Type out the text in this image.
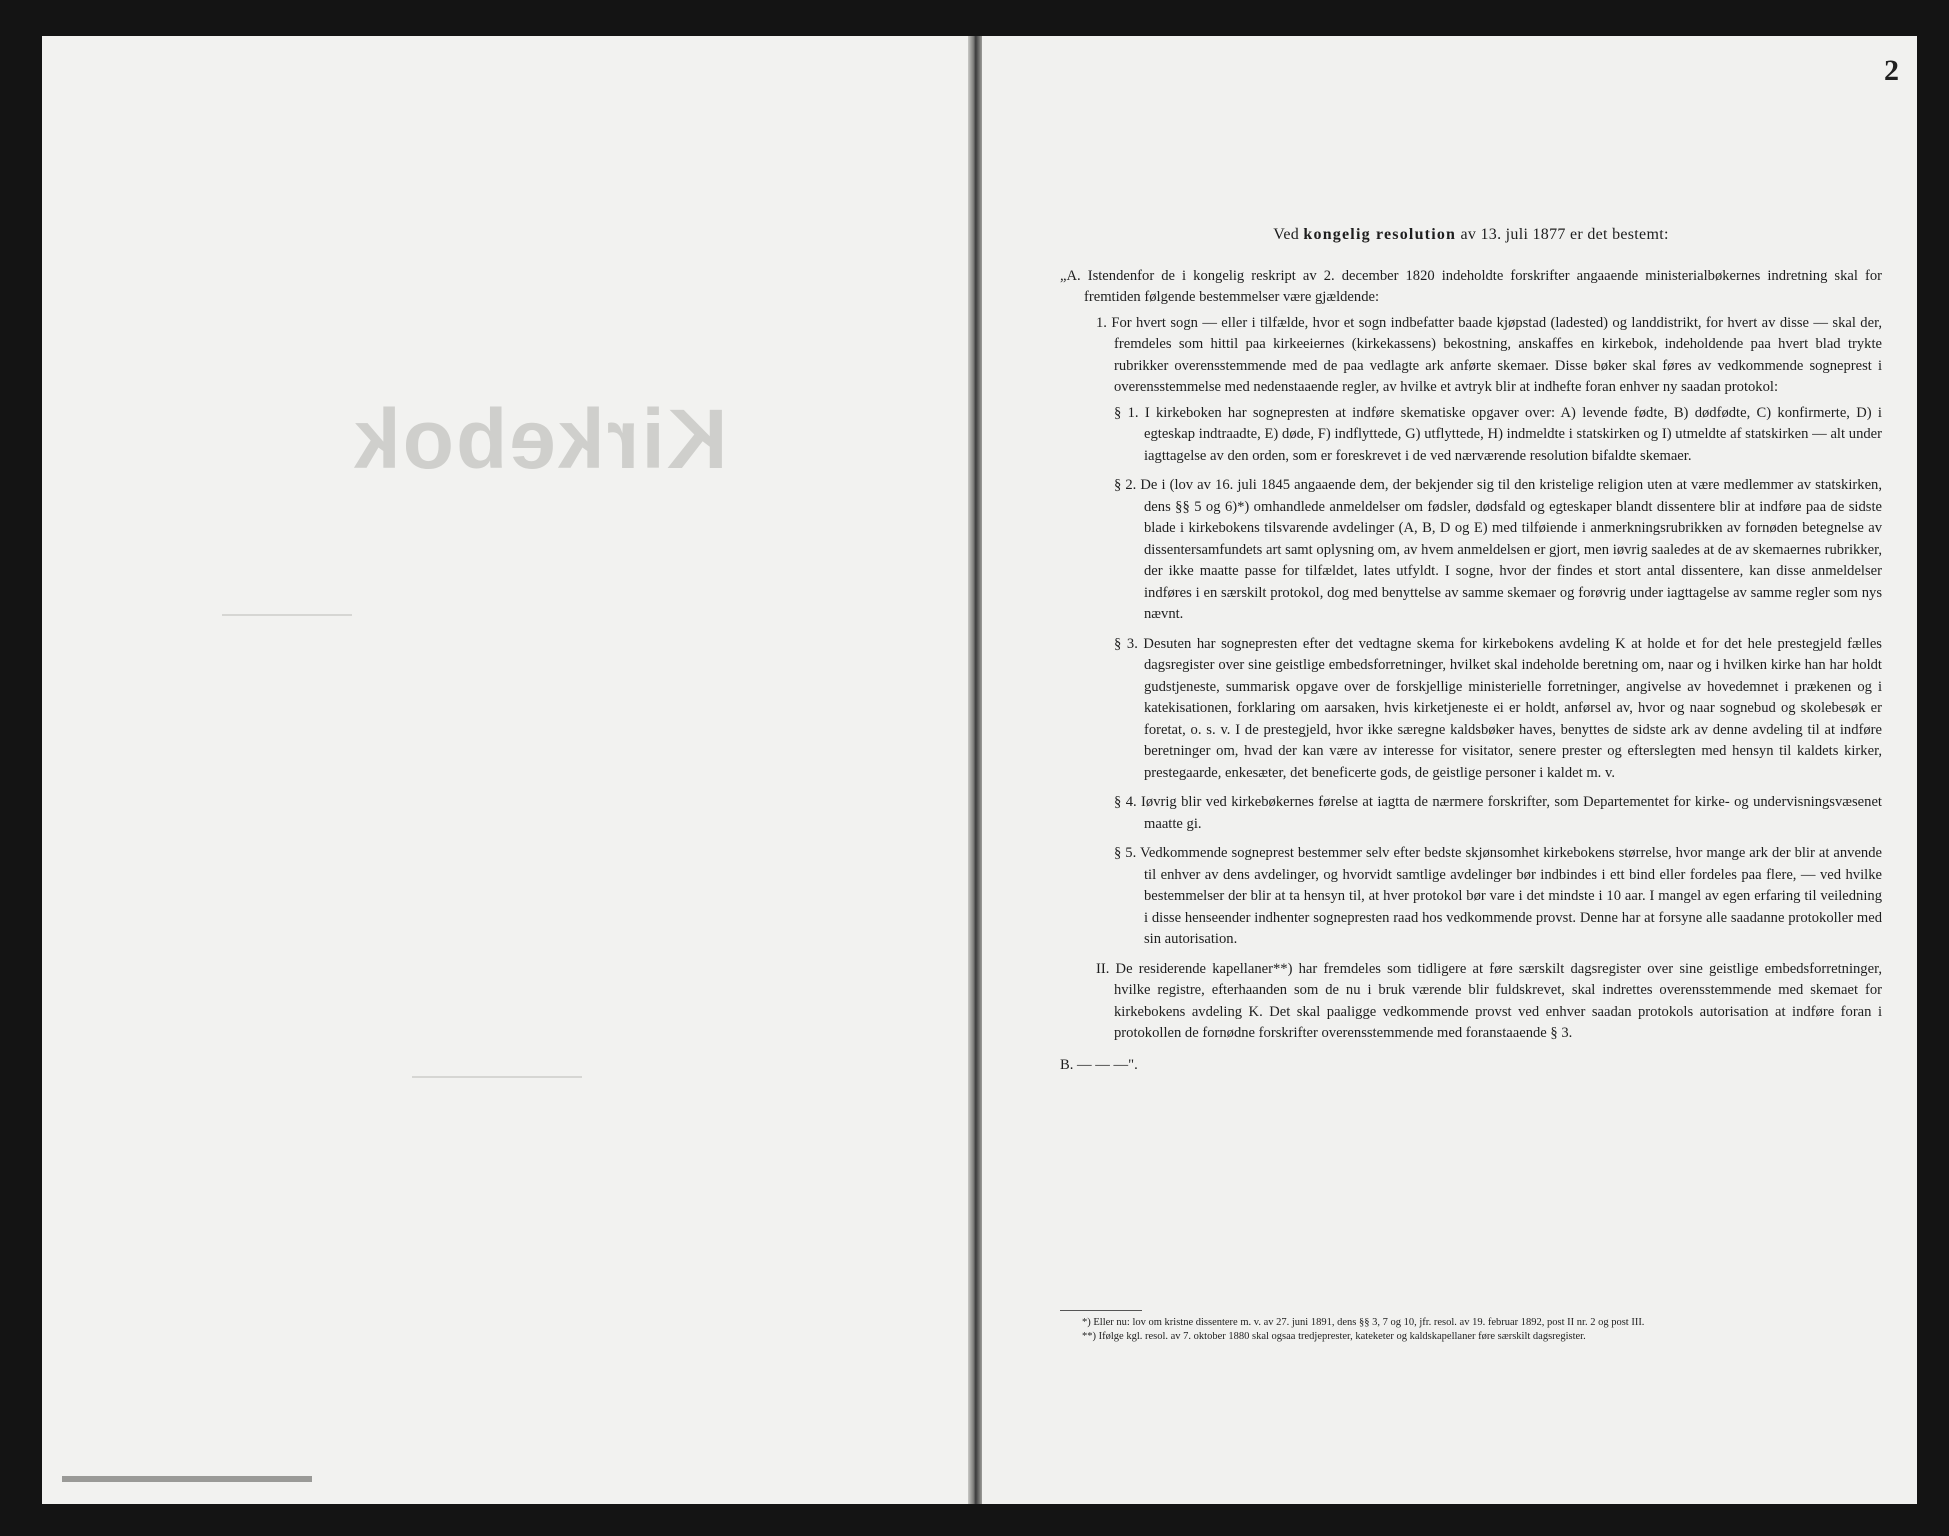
Kirkebok
2
Ved kongelig resolution av 13. juli 1877 er det bestemt:
„A. Istendenfor de i kongelig reskript av 2. december 1820 indeholdte forskrifter angaaende ministerialbøkernes indretning skal for fremtiden følgende bestemmelser være gjældende:
1. For hvert sogn — eller i tilfælde, hvor et sogn indbefatter baade kjøpstad (ladested) og landdistrikt, for hvert av disse — skal der, fremdeles som hittil paa kirkeeiernes (kirkekassens) bekostning, anskaffes en kirkebok, indeholdende paa hvert blad trykte rubrikker overensstemmende med de paa vedlagte ark anførte skemaer. Disse bøker skal føres av vedkommende sogneprest i overensstemmelse med nedenstaaende regler, av hvilke et avtryk blir at indhefte foran enhver ny saadan protokol:
§ 1. I kirkeboken har sognepresten at indføre skematiske opgaver over: A) levende fødte, B) dødfødte, C) konfirmerte, D) i egteskap indtraadte, E) døde, F) indflyttede, G) utflyttede, H) indmeldte i statskirken og I) utmeldte af statskirken — alt under iagttagelse av den orden, som er foreskrevet i de ved nærværende resolution bifaldte skemaer.
§ 2. De i (lov av 16. juli 1845 angaaende dem, der bekjender sig til den kristelige religion uten at være medlemmer av statskirken, dens §§ 5 og 6)*) omhandlede anmeldelser om fødsler, dødsfald og egteskaper blandt dissentere blir at indføre paa de sidste blade i kirkebokens tilsvarende avdelinger (A, B, D og E) med tilføiende i anmerkningsrubrikken av fornøden betegnelse av dissentersamfundets art samt oplysning om, av hvem anmeldelsen er gjort, men iøvrig saaledes at de av skemaernes rubrikker, der ikke maatte passe for tilfældet, lates utfyldt. I sogne, hvor der findes et stort antal dissentere, kan disse anmeldelser indføres i en særskilt protokol, dog med benyttelse av samme skemaer og forøvrig under iagttagelse av samme regler som nys nævnt.
§ 3. Desuten har sognepresten efter det vedtagne skema for kirkebokens avdeling K at holde et for det hele prestegjeld fælles dagsregister over sine geistlige embedsforretninger, hvilket skal indeholde beretning om, naar og i hvilken kirke han har holdt gudstjeneste, summarisk opgave over de forskjellige ministerielle forretninger, angivelse av hovedemnet i prækenen og i katekisationen, forklaring om aarsaken, hvis kirketjeneste ei er holdt, anførsel av, hvor og naar sognebud og skolebesøk er foretat, o. s. v. I de prestegjeld, hvor ikke særegne kaldsbøker haves, benyttes de sidste ark av denne avdeling til at indføre beretninger om, hvad der kan være av interesse for visitator, senere prester og efterslegten med hensyn til kaldets kirker, prestegaarde, enkesæter, det beneficerte gods, de geistlige personer i kaldet m. v.
§ 4. Iøvrig blir ved kirkebøkernes førelse at iagtta de nærmere forskrifter, som Departementet for kirke- og undervisningsvæsenet maatte gi.
§ 5. Vedkommende sogneprest bestemmer selv efter bedste skjønsomhet kirkebokens størrelse, hvor mange ark der blir at anvende til enhver av dens avdelinger, og hvorvidt samtlige avdelinger bør indbindes i ett bind eller fordeles paa flere, — ved hvilke bestemmelser der blir at ta hensyn til, at hver protokol bør vare i det mindste i 10 aar. I mangel av egen erfaring til veiledning i disse henseender indhenter sognepresten raad hos vedkommende provst. Denne har at forsyne alle saadanne protokoller med sin autorisation.
II. De residerende kapellaner**) har fremdeles som tidligere at føre særskilt dagsregister over sine geistlige embedsforretninger, hvilke registre, efterhaanden som de nu i bruk værende blir fuldskrevet, skal indrettes overensstemmende med skemaet for kirkebokens avdeling K. Det skal paaligge vedkommende provst ved enhver saadan protokols autorisation at indføre foran i protokollen de fornødne forskrifter overensstemmende med foranstaaende § 3.
B. — — —".
*) Eller nu: lov om kristne dissentere m. v. av 27. juni 1891, dens §§ 3, 7 og 10, jfr. resol. av 19. februar 1892, post II nr. 2 og post III.
**) Ifølge kgl. resol. av 7. oktober 1880 skal ogsaa tredjeprester, kateketer og kaldskapellaner føre særskilt dagsregister.
